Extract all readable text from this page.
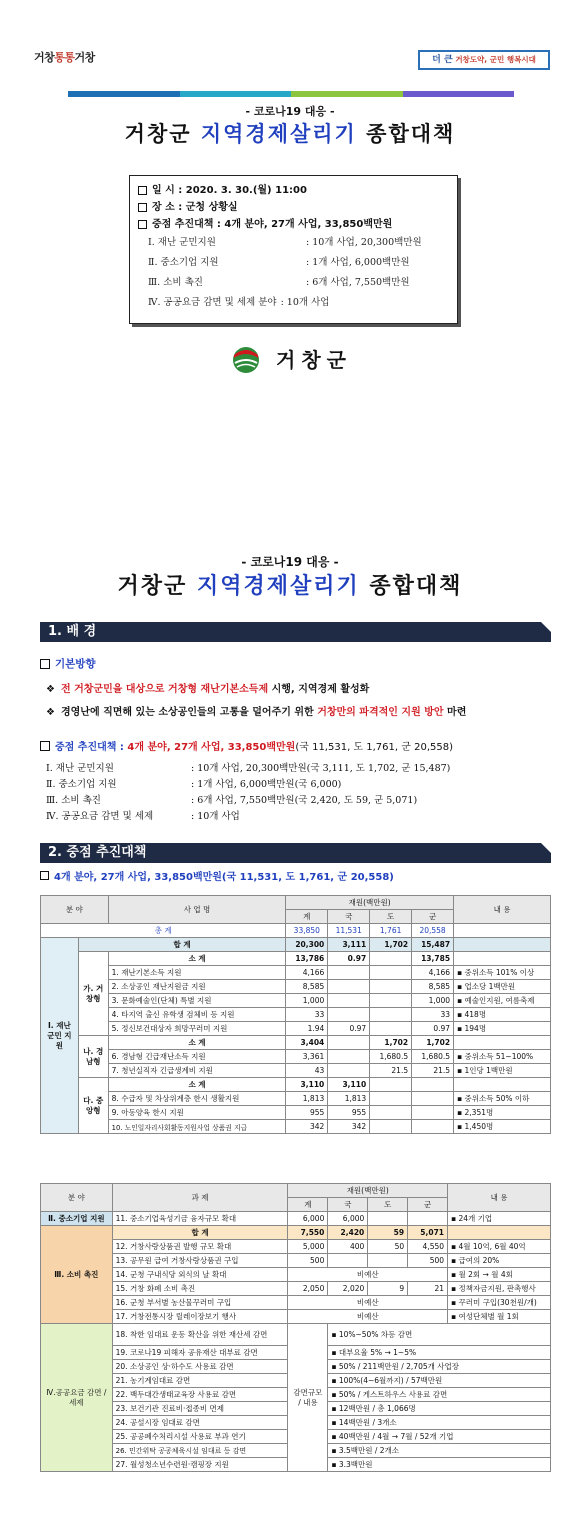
거창통통거창	더 큰 거창도약, 군민 행복시대
- 코로나19 대응 -
거창군 지역경제살리기 종합대책
일 시 : 2020. 3. 30.(월) 11:00
장 소 : 군청 상황실
중점 추진대책 : 4개 분야, 27개 사업, 33,850백만원
Ⅰ. 재난 군민지원	: 10개 사업, 20,300백만원
Ⅱ. 중소기업 지원	: 1개 사업, 6,000백만원
Ⅲ. 소비 촉진	: 6개 사업, 7,550백만원
Ⅳ. 공공요금 감면 및 세제 분야 : 10개 사업
거창군
- 코로나19 대응 -
거창군 지역경제살리기 종합대책
1. 배 경
기본방향
❖ 전 거창군민을 대상으로 거창형 재난기본소득제 시행, 지역경제 활성화
❖ 경영난에 직면해 있는 소상공인들의 고통을 덜어주기 위한 거창만의 파격적인 지원 방안 마련
중점 추진대책 :
4개 분야, 27개 사업, 33,850백만원 (국 11,531, 도 1,761, 군 20,558)
Ⅰ. 재난 군민지원	: 10개 사업, 20,300백만원(국 3,111, 도 1,702, 군 15,487)
Ⅱ. 중소기업 지원	: 1개 사업, 6,000백만원(국 6,000)
Ⅲ. 소비 촉진	: 6개 사업, 7,550백만원(국 2,420, 도 59, 군 5,071)
Ⅳ. 공공요금 감면 및 세제	: 10개 사업
2. 중점 추진대책
4개 분야, 27개 사업, 33,850백만원(국 11,531, 도 1,761, 군 20,558)
분 야		사 업 명	재원(백만원)				내 용
			계	국	도	군	
총 계			33,850	11,531	1,761	20,558	
Ⅰ. 재난 군민 지원	합 계		20,300	3,111	1,702	15,487	
	가. 거창형	소 계	13,786	0.97		13,785	
		1. 재난기본소득 지원	4,166			4,166	▪ 중위소득 101% 이상
		2. 소상공인 재난지원금 지원	8,585			8,585	▪ 업소당 1백만원
		3. 문화예술인(단체) 특별 지원	1,000			1,000	▪ 예술인지원, 여름축제
		4. 타지역 출신 유학생 검체비 등 지원	33			33	▪ 418명
		5. 정신보건대상자 희망꾸러미 지원	1.94	0.97		0.97	▪ 194명
	나. 경남형	소 계	3,404		1,702	1,702	
		6. 경남형 긴급재난소득 지원	3,361		1,680.5	1,680.5	▪ 중위소득 51~100%
		7. 청년실직자 긴급생계비 지원	43		21.5	21.5	▪ 1인당 1백만원
	다. 중앙형	소 계	3,110	3,110			
		8. 수급자 및 차상위계층 한시 생활지원	1,813	1,813			▪ 중위소득 50% 이하
		9. 아동양육 한시 지원	955	955			▪ 2,351명
		10. 노인일자리사회활동지원사업 상품권 지급	342	342			▪ 1,450명
분 야	과 제	재원(백만원)				내 용
		계	국	도	군	
Ⅱ. 중소기업 지원	11. 중소기업육성기금 융자규모 확대	6,000	6,000			▪ 24개 기업
Ⅲ. 소비 촉진	합 계	7,550	2,420	59	5,071	
	12. 거창사랑상품권 발행 규모 확대	5,000	400	50	4,550	▪ 4월 10억, 6월 40억
	13. 공무원 급여 거창사랑상품권 구입	500			500	▪ 급여의 20%
	14. 군청 구내식당 외식의 날 확대	비예산				▪ 월 2회 → 월 4회
	15. 거창 화폐 소비 촉진	2,050	2,020	9	21	▪ 정책자금지원, 판촉행사
	16. 군청 부서별 농산물꾸러미 구입	비예산				▪ 꾸러미 구입(30천원/개)
	17. 거창전통시장 릴레이장보기 행사	비예산				▪ 여성단체별 월 1회
Ⅳ.공공요금 감면 / 세제	18. 착한 임대료 운동 확산을 위한 재산세 감면	감면규모 / 내용	▪ 10%~50% 차등 감면			
	19. 코로나19 피해자 공유재산 대부료 감면		▪ 대부요율 5% → 1~5%			
	20. 소상공인 상·하수도 사용료 감면		▪ 50% / 211백만원 / 2,705개 사업장			
	21. 농기계임대료 감면		▪ 100%(4~6월까지) / 57백만원			
	22. 백두대간생태교육장 사용료 감면		▪ 50% / 게스트하우스 사용료 감면			
	23. 보건기관 진료비·접종비 면제		▪ 12백만원 / 총 1,066명			
	24. 공설시장 임대료 감면		▪ 14백만원 / 3개소			
	25. 공공폐수처리시설 사용료 부과 연기		▪ 40백만원 / 4월 → 7월 / 52개 기업			
	26. 민간위탁 공공체육시설 임대료 등 감면		▪ 3.5백만원 / 2개소			
	27. 월성청소년수련원·캠핑장 지원		▪ 3.3백만원			
